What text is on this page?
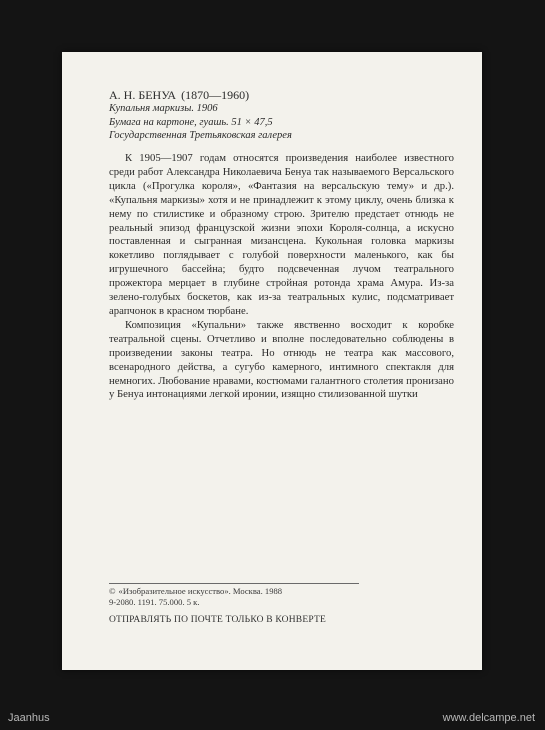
А. Н. БЕНУА (1870—1960)
Купальня маркизы. 1906
Бумага на картоне, гуашь. 51 × 47,5
Государственная Третьяковская галерея

К 1905—1907 годам относятся произведения наиболее известного среди работ Александра Николаевича Бенуа так называемого Версальского цикла («Прогулка короля», «Фантазия на версальскую тему» и др.). «Купальня маркизы» хотя и не принадлежит к этому циклу, очень близка к нему по стилистике и образному строю. Зрителю предстает отнюдь не реальный эпизод французской жизни эпохи Короля-солнца, а искусно поставленная и сыгранная мизансцена. Кукольная головка маркизы кокетливо поглядывает с голубой поверхности маленького, как бы игрушечного бассейна; будто подсвеченная лучом театрального прожектора мерцает в глубине стройная ротонда храма Амура. Из-за зелено-голубых боскетов, как из-за театральных кулис, подсматривает арапчонок в красном тюрбане.

Композиция «Купальни» также явственно восходит к коробке театральной сцены. Отчетливо и вполне последовательно соблюдены в произведении законы театра. Но отнюдь не театра как массового, всенародного действа, а сугубо камерного, интимного спектакля для немногих. Любование нравами, костюмами галантного столетия пронизано у Бенуа интонациями легкой иронии, изящно стилизованной шутки

© «Изобразительное искусство». Москва. 1988
9-2080. 1191. 75.000. 5 к.
ОТПРАВЛЯТЬ ПО ПОЧТЕ ТОЛЬКО В КОНВЕРТЕ
Jaanhus	www.delcampe.net
